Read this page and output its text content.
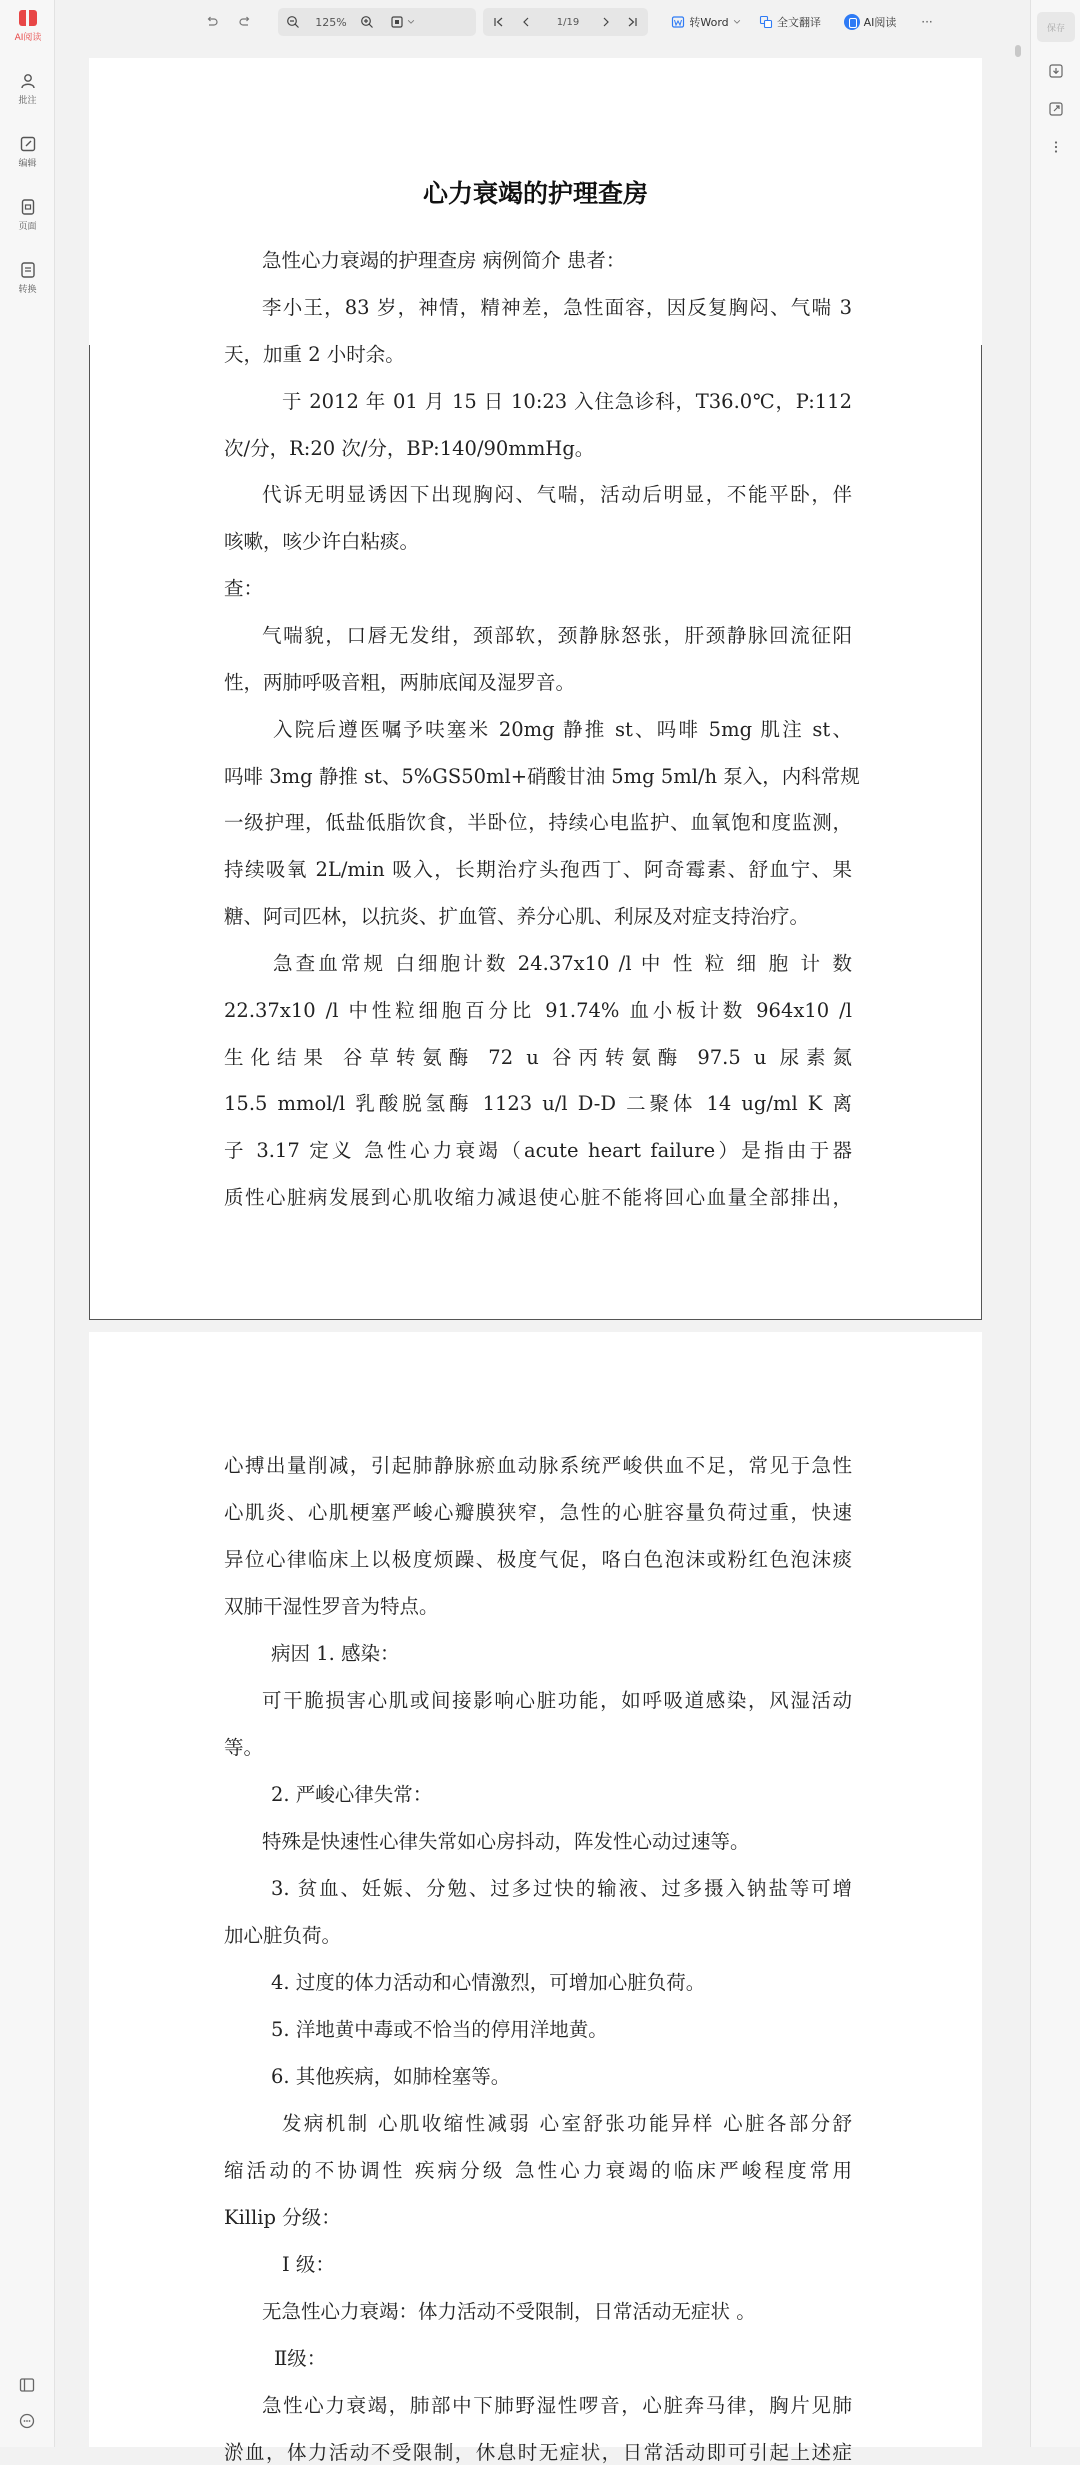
AI阅读
批注
编辑
页面
转换
125%	1/19	转Word	全文翻译	AI阅读	···	保存
心力衰竭的护理查房
急性心力衰竭的护理查房 病例简介 患者：
李小王，83 岁，神情，精神差，急性面容，因反复胸闷、气喘 3
天，加重 2 小时余。
于 2012 年 01 月 15 日 10:23 入住急诊科，T36.0℃，P:112
次/分，R:20 次/分，BP:140/90mmHg。
代诉无明显诱因下出现胸闷、气喘，活动后明显，不能平卧，伴
咳嗽，咳少许白粘痰。
查：
气喘貌，口唇无发绀，颈部软，颈静脉怒张，肝颈静脉回流征阳
性，两肺呼吸音粗，两肺底闻及湿罗音。
入院后遵医嘱予呋塞米 20mg 静推 st、吗啡 5mg 肌注 st、
吗啡 3mg 静推 st、5%GS50ml+硝酸甘油 5mg 5ml/h 泵入，内科常规
一级护理，低盐低脂饮食，半卧位，持续心电监护、血氧饱和度监测，
持续吸氧 2L/min 吸入，长期治疗头孢西丁、阿奇霉素、舒血宁、果
糖、阿司匹林，以抗炎、扩血管、养分心肌、利尿及对症支持治疗。
急查血常规 白细胞计数 24.37x10 /l 中 性 粒 细 胞 计 数
22.37x10 /l 中性粒细胞百分比 91.74% 血小板计数 964x10 /l
生化结果 谷草转氨酶 72 u 谷丙转氨酶 97.5 u 尿素氮
15.5 mmol/l 乳酸脱氢酶 1123 u/l D-D 二聚体 14 ug/ml K 离
子 3.17 定义 急性心力衰竭（acute heart failure）是指由于器
质性心脏病发展到心肌收缩力减退使心脏不能将回心血量全部排出，
心搏出量削减，引起肺静脉瘀血动脉系统严峻供血不足，常见于急性
心肌炎、心肌梗塞严峻心瓣膜狭窄，急性的心脏容量负荷过重，快速
异位心律临床上以极度烦躁、极度气促，咯白色泡沫或粉红色泡沫痰
双肺干湿性罗音为特点。
病因 1. 感染：
可干脆损害心肌或间接影响心脏功能，如呼吸道感染，风湿活动
等。
2. 严峻心律失常：
特殊是快速性心律失常如心房抖动，阵发性心动过速等。
3. 贫血、妊娠、分勉、过多过快的输液、过多摄入钠盐等可增
加心脏负荷。
4. 过度的体力活动和心情激烈，可增加心脏负荷。
5. 洋地黄中毒或不恰当的停用洋地黄。
6. 其他疾病，如肺栓塞等。
发病机制 心肌收缩性减弱 心室舒张功能异样 心脏各部分舒
缩活动的不协调性 疾病分级 急性心力衰竭的临床严峻程度常用
Killip 分级：
Ⅰ 级：
无急性心力衰竭：体力活动不受限制，日常活动无症状 。
Ⅱ级：
急性心力衰竭，肺部中下肺野湿性啰音，心脏奔马律，胸片见肺
淤血，体力活动不受限制，休息时无症状，日常活动即可引起上述症
